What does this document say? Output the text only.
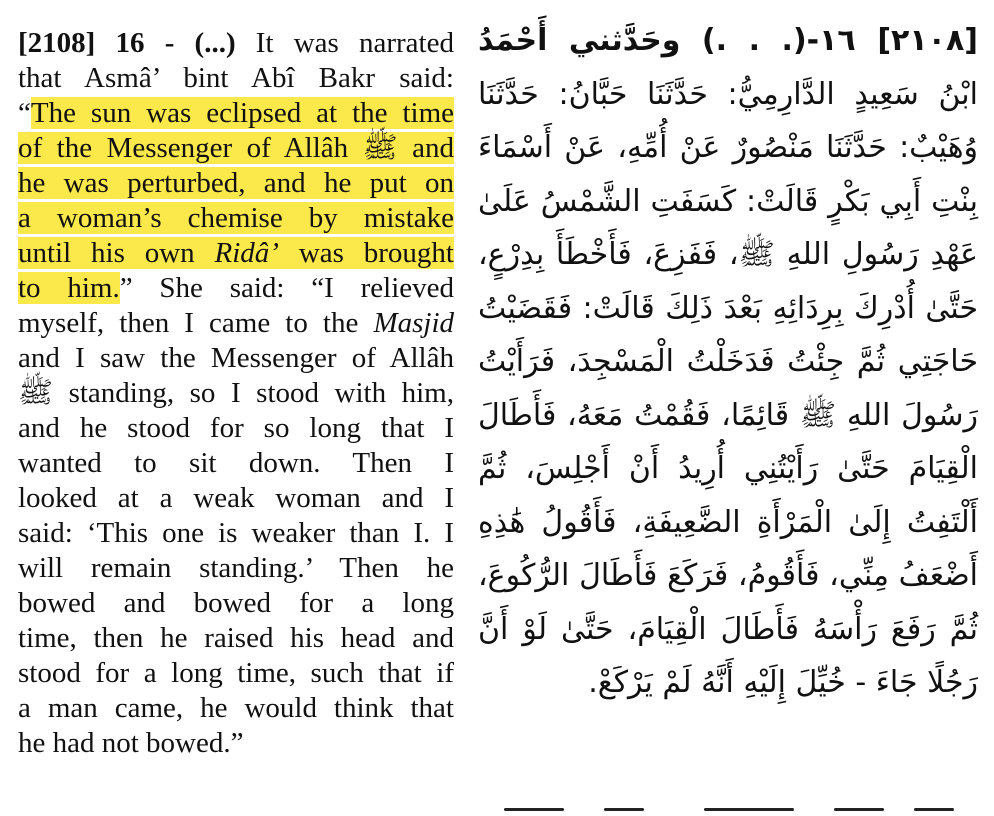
[2108] 16 - (...) It was narrated
that Asmâ’ bint Abî Bakr said:
“The sun was eclipsed at the time
of the Messenger of Allâh ﷺ and
he was perturbed, and he put on
a woman’s chemise by mistake
until his own Ridâ’ was brought
to him.” She said: “I relieved
myself, then I came to the Masjid
and I saw the Messenger of Allâh
ﷺ standing, so I stood with him,
and he stood for so long that I
wanted to sit down. Then I
looked at a weak woman and I
said: ‘This one is weaker than I. I
will remain standing.’ Then he
bowed and bowed for a long
time, then he raised his head and
stood for a long time, such that if
a man came, he would think that
he had not bowed.”
[٢١٠٨] ١٦-(. . .) وحَدَّثني أَحْمَدُ
ابْنُ سَعِيدٍ الدَّارِمِيُّ: حَدَّثَنَا حَبَّانُ: حَدَّثَنَا
وُهَيْبٌ: حَدَّثَنَا مَنْصُورٌ عَنْ أُمِّهِ، عَنْ أَسْمَاءَ
بِنْتِ أَبِي بَكْرٍ قَالَتْ: كَسَفَتِ الشَّمْسُ عَلَىٰ
عَهْدِ رَسُولِ اللهِ ﷺ، فَفَزِعَ، فَأَخْطَأَ بِدِرْعٍ،
حَتَّىٰ أُدْرِكَ بِرِدَائِهِ بَعْدَ ذَلِكَ قَالَتْ: فَقَضَيْتُ
حَاجَتِي ثُمَّ جِئْتُ فَدَخَلْتُ الْمَسْجِدَ، فَرَأَيْتُ
رَسُولَ اللهِ ﷺ قَائِمًا، فَقُمْتُ مَعَهُ، فَأَطَالَ
الْقِيَامَ حَتَّىٰ رَأَيْتُنِي أُرِيدُ أَنْ أَجْلِسَ، ثُمَّ
أَلْتَفِتُ إِلَىٰ الْمَرْأَةِ الضَّعِيفَةِ، فَأَقُولُ هَٰذِهِ
أَضْعَفُ مِنِّي، فَأَقُومُ، فَرَكَعَ فَأَطَالَ الرُّكُوعَ،
ثُمَّ رَفَعَ رَأْسَهُ فَأَطَالَ الْقِيَامَ، حَتَّىٰ لَوْ أَنَّ
رَجُلًا جَاءَ - خُيِّلَ إِلَيْهِ أَنَّهُ لَمْ يَرْكَعْ.
